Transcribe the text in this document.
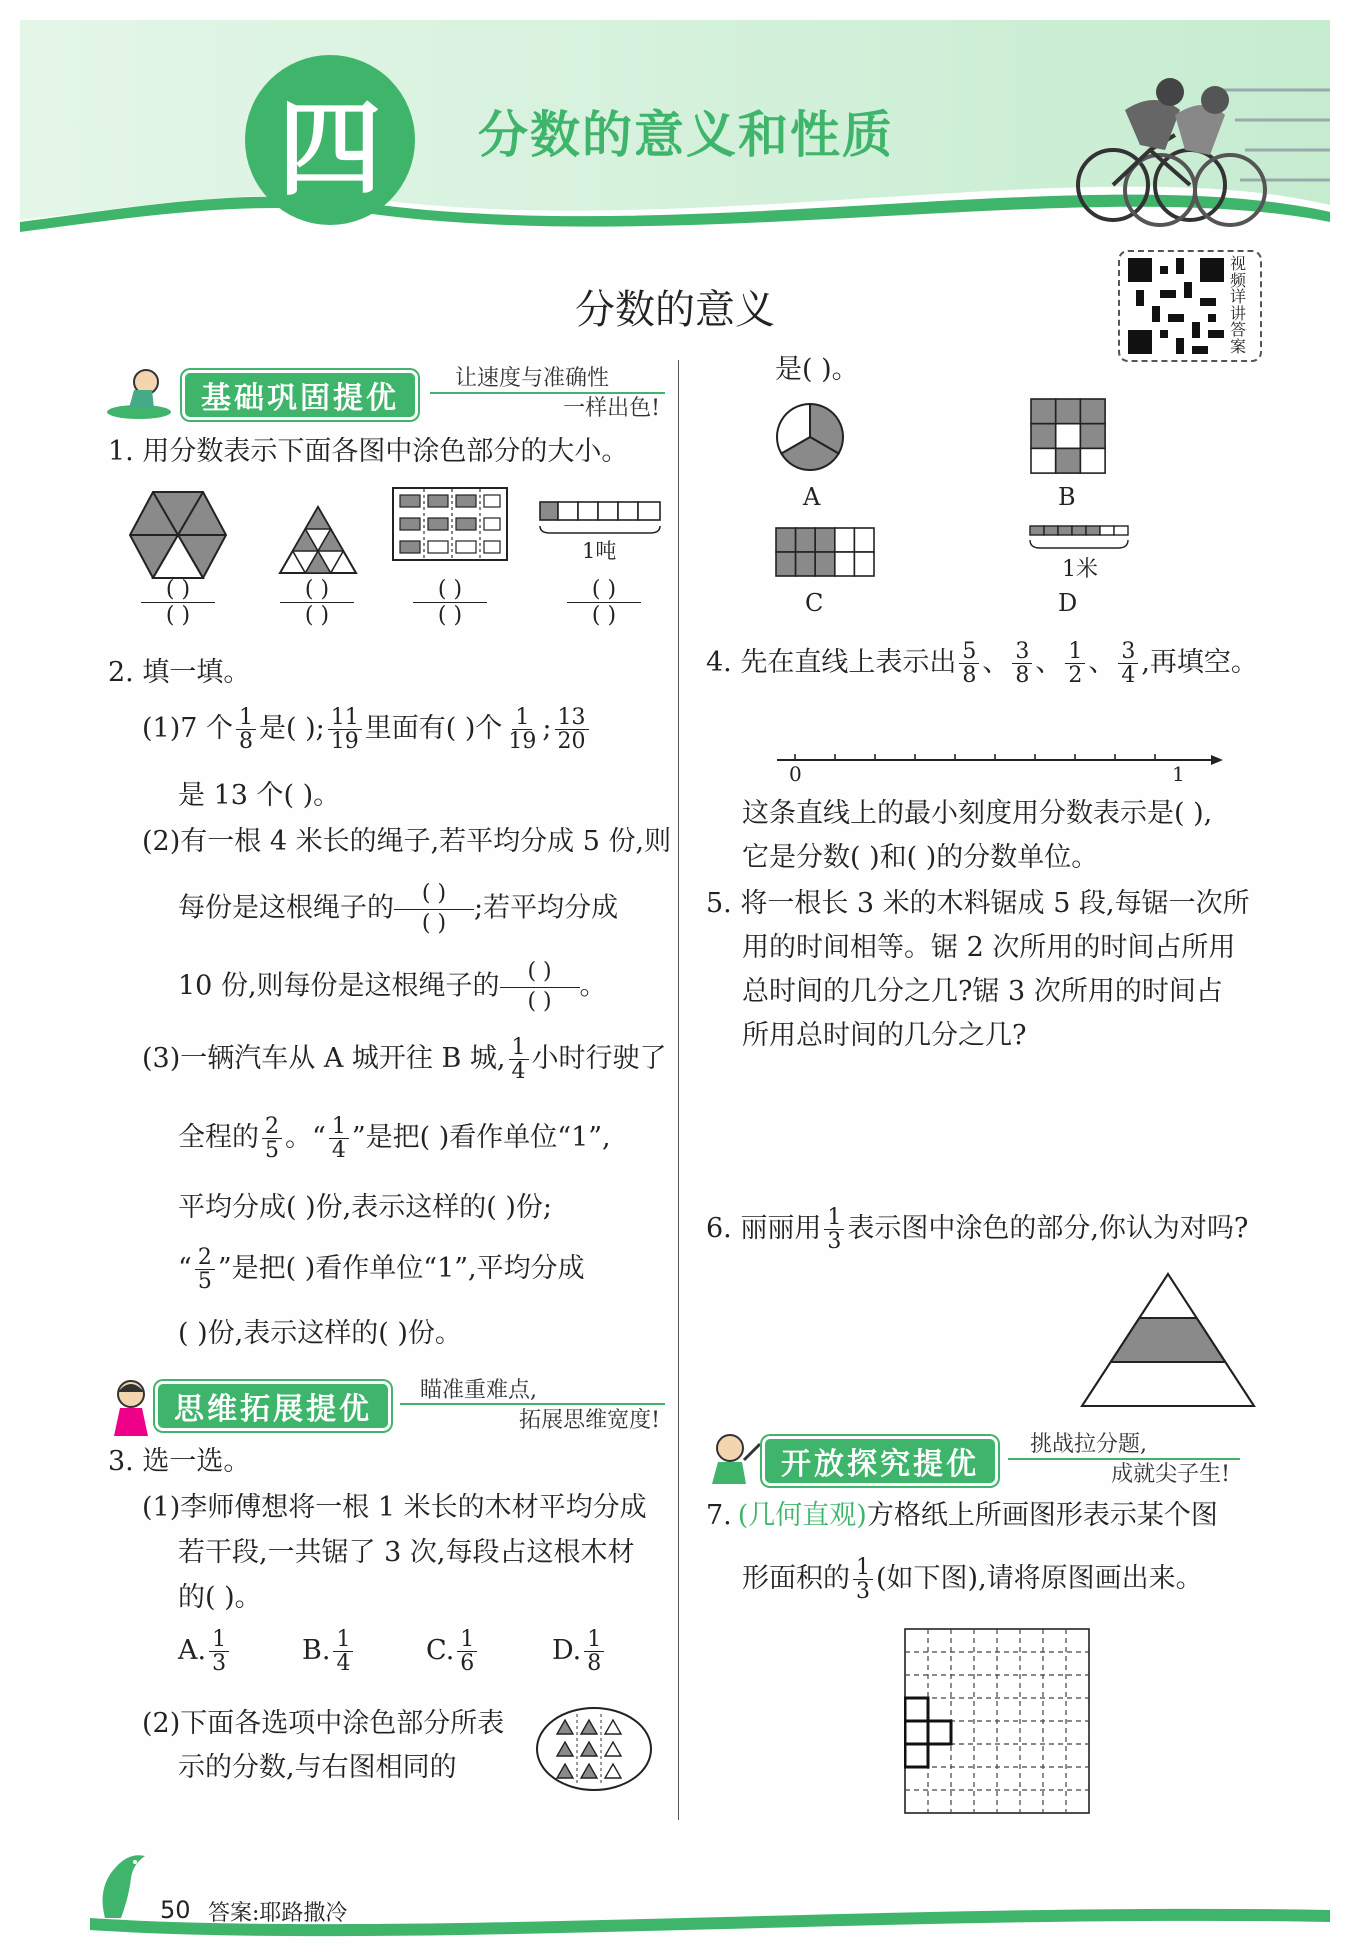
四 分数的意义和性质
视频详讲答案
分数的意义
基础巩固提优
让速度与准确性
一样出色!
1. 用分数表示下面各图中涂色部分的大小。
1吨
( )
( )
( )
( )
( )
( )
( )
( )
2. 填一填。
(1)7 个 $\frac{1}{8}$ 是( ); $\frac{11}{19}$ 里面有( )个 $\frac{1}{19}$ ; $\frac{13}{20}$
是 13 个( )。
(2)有一根 4 米长的绳子,若平均分成 5 份,则
每份是这根绳子的 $\frac{( )}{( )}$ ;若平均分成
10 份,则每份是这根绳子的 $\frac{( )}{( )}$ 。
(3)一辆汽车从 A 城开往 B 城, $\frac{1}{4}$ 小时行驶了
全程的 $\frac{2}{5}$ 。“ $\frac{1}{4}$ ”是把( )看作单位“1”,
平均分成( )份,表示这样的( )份;
“ $\frac{2}{5}$ ”是把( )看作单位“1”,平均分成
( )份,表示这样的( )份。
思维拓展提优
瞄准重难点,
拓展思维宽度!
3. 选一选。
(1)李师傅想将一根 1 米长的木材平均分成
若干段,一共锯了 3 次,每段占这根木材
的( )。
A. $\frac{1}{3}$	B. $\frac{1}{4}$	C. $\frac{1}{6}$	D. $\frac{1}{8}$
(2)下面各选项中涂色部分所表
示的分数,与右图相同的
是( )。
A	B
C
1米
D
4. 先在直线上表示出 $\frac{5}{8}$ 、 $\frac{3}{8}$ 、 $\frac{1}{2}$ 、 $\frac{3}{4}$ ,再填空。
0	1
这条直线上的最小刻度用分数表示是( ),
它是分数( )和( )的分数单位。
5. 将一根长 3 米的木料锯成 5 段,每锯一次所
用的时间相等。锯 2 次所用的时间占所用
总时间的几分之几?锯 3 次所用的时间占
所用总时间的几分之几?
6. 丽丽用 $\frac{1}{3}$ 表示图中涂色的部分,你认为对吗?
开放探究提优
挑战拉分题,
成就尖子生!
7. (几何直观)方格纸上所画图形表示某个图
形面积的 $\frac{1}{3}$ (如下图),请将原图画出来。
50 答案:耶路撒冷
